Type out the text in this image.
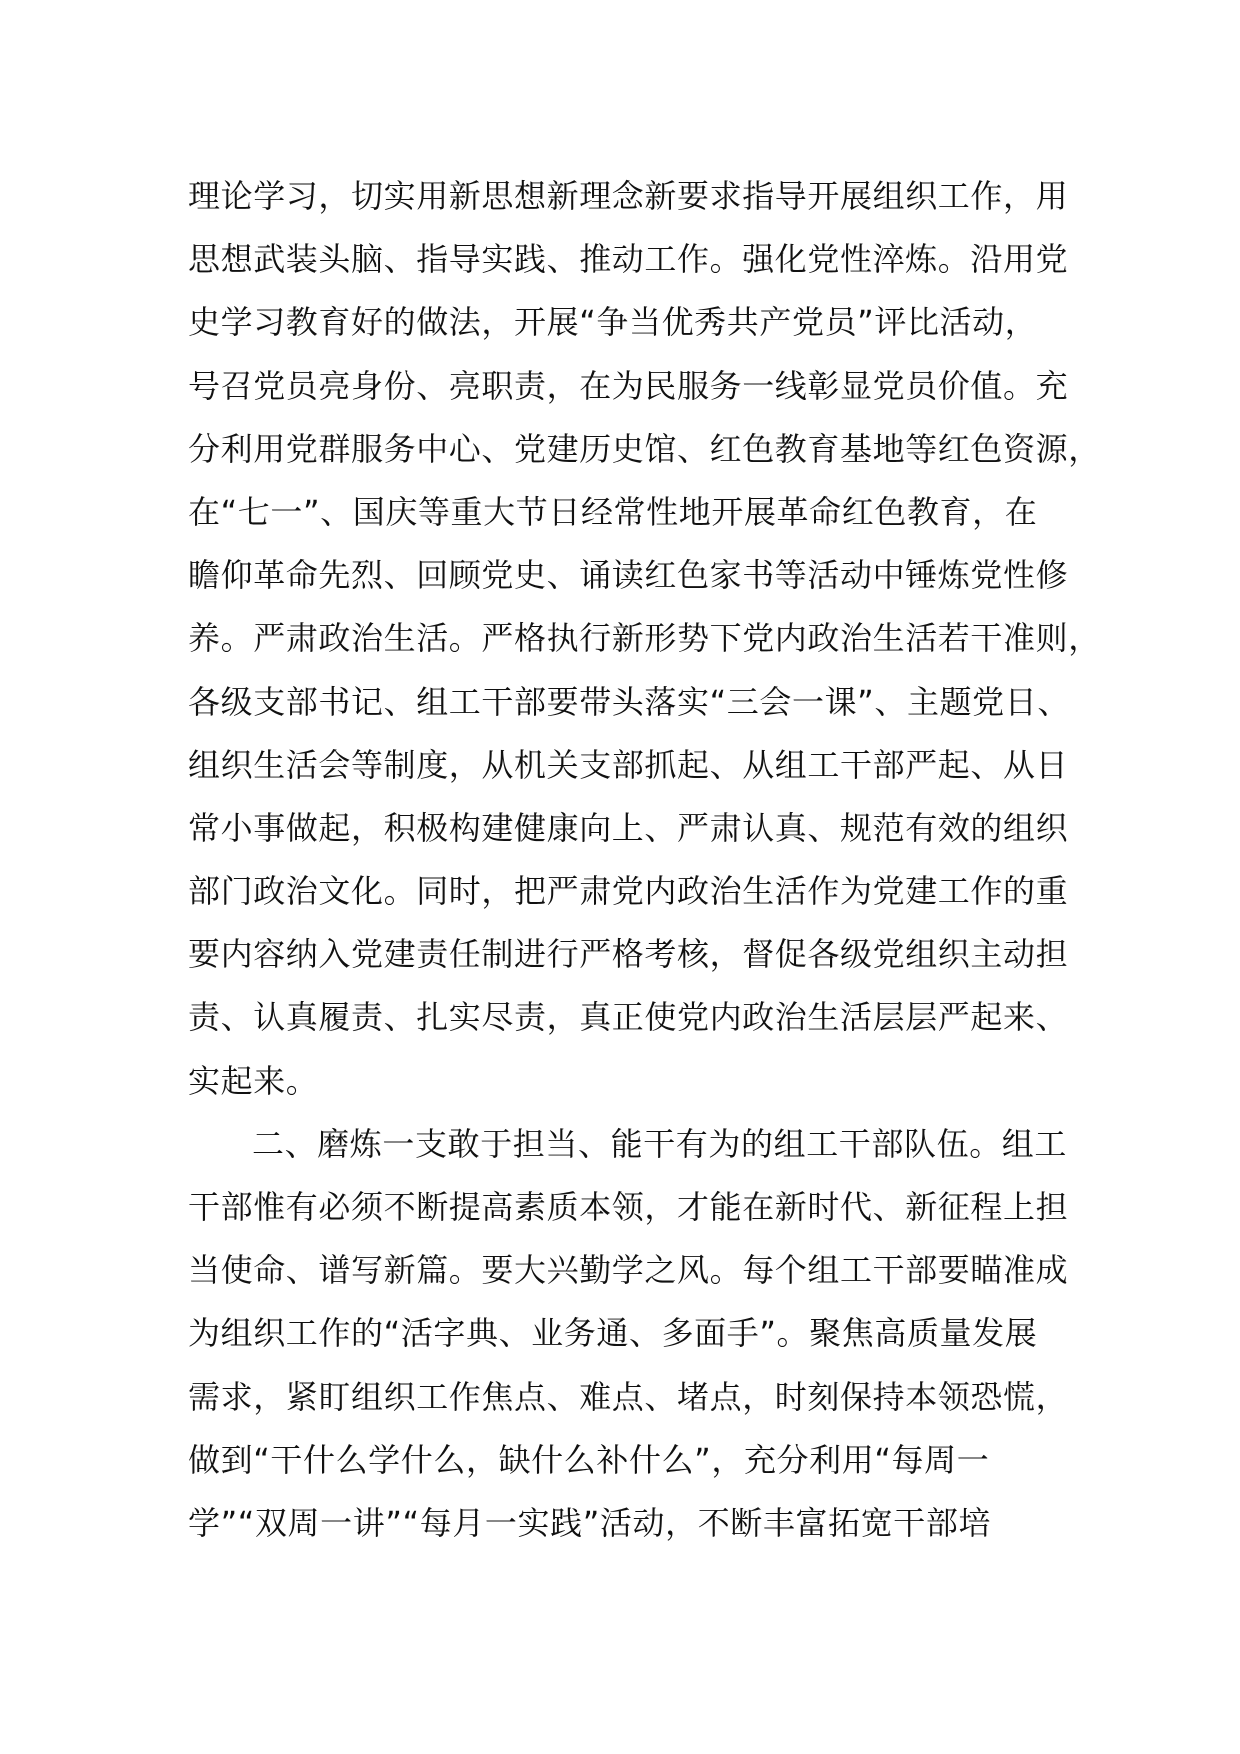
理论学习，切实用新思想新理念新要求指导开展组织工作，用
思想武装头脑、指导实践、推动工作。强化党性淬炼。沿用党
史学习教育好的做法，开展“争当优秀共产党员”评比活动，
号召党员亮身份、亮职责，在为民服务一线彰显党员价值。充
分利用党群服务中心、党建历史馆、红色教育基地等红色资源，
在“七一”、国庆等重大节日经常性地开展革命红色教育，在
瞻仰革命先烈、回顾党史、诵读红色家书等活动中锤炼党性修
养。严肃政治生活。严格执行新形势下党内政治生活若干准则，
各级支部书记、组工干部要带头落实“三会一课”、主题党日、
组织生活会等制度，从机关支部抓起、从组工干部严起、从日
常小事做起，积极构建健康向上、严肃认真、规范有效的组织
部门政治文化。同时，把严肃党内政治生活作为党建工作的重
要内容纳入党建责任制进行严格考核，督促各级党组织主动担
责、认真履责、扎实尽责，真正使党内政治生活层层严起来、
实起来。
二、磨炼一支敢于担当、能干有为的组工干部队伍。组工
干部惟有必须不断提高素质本领，才能在新时代、新征程上担
当使命、谱写新篇。要大兴勤学之风。每个组工干部要瞄准成
为组织工作的“活字典、业务通、多面手”。聚焦高质量发展
需求，紧盯组织工作焦点、难点、堵点，时刻保持本领恐慌，
做到“干什么学什么，缺什么补什么”，充分利用“每周一
学”“双周一讲”“每月一实践”活动，不断丰富拓宽干部培
